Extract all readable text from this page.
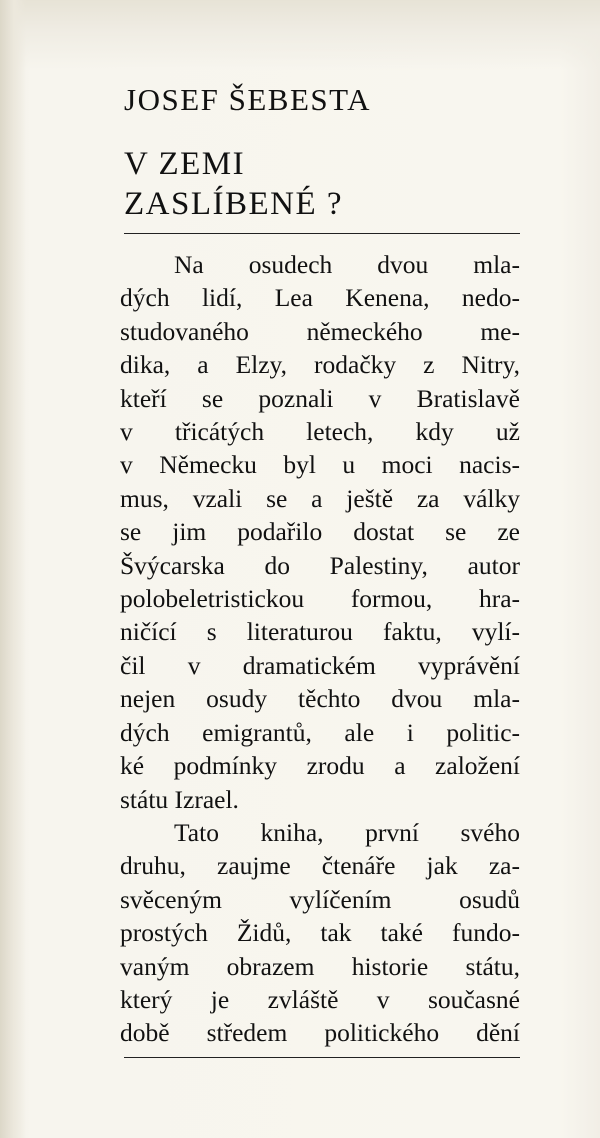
JOSEF ŠEBESTA
V ZEMI
ZASLÍBENÉ ?
Na osudech dvou mla-
dých lidí, Lea Kenena, nedo-
studovaného německého me-
dika, a Elzy, rodačky z Nitry,
kteří se poznali v Bratislavě
v třicátých letech, kdy už
v Německu byl u moci nacis-
mus, vzali se a ještě za války
se jim podařilo dostat se ze
Švýcarska do Palestiny, autor
polobeletristickou formou, hra-
ničící s literaturou faktu, vylí-
čil v dramatickém vyprávění
nejen osudy těchto dvou mla-
dých emigrantů, ale i politic-
ké podmínky zrodu a založení
státu Izrael.
Tato kniha, první svého
druhu, zaujme čtenáře jak za-
svěceným vylíčením osudů
prostých Židů, tak také fundo-
vaným obrazem historie státu,
který je zvláště v současné
době středem politického dění
